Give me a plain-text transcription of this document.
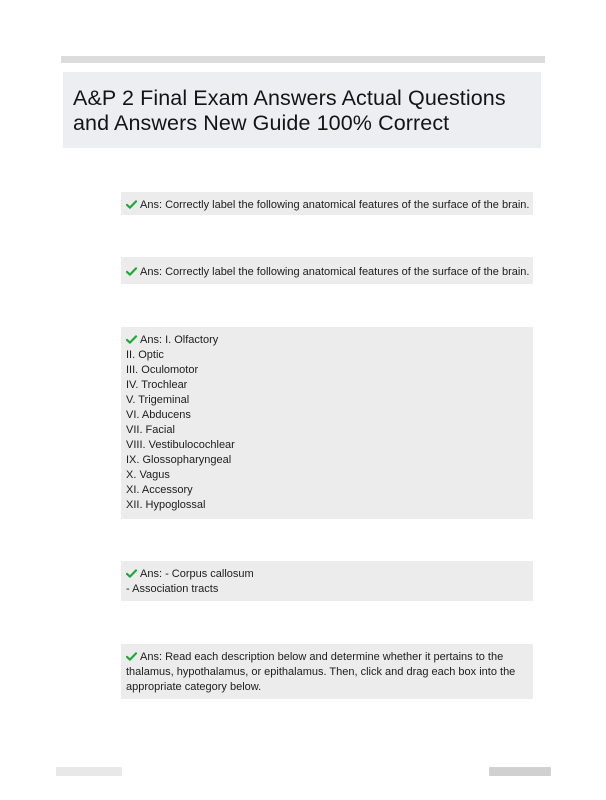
A&P 2 Final Exam Answers Actual Questions and Answers New Guide 100% Correct
Ans: Correctly label the following anatomical features of the surface of the brain.
Ans: Correctly label the following anatomical features of the surface of the brain.
Ans: I. Olfactory
II. Optic
III. Oculomotor
IV. Trochlear
V. Trigeminal
VI. Abducens
VII. Facial
VIII. Vestibulocochlear
IX. Glossopharyngeal
X. Vagus
XI. Accessory
XII. Hypoglossal
Ans: - Corpus callosum
- Association tracts
Ans: Read each description below and determine whether it pertains to the thalamus, hypothalamus, or epithalamus. Then, click and drag each box into the appropriate category below.
